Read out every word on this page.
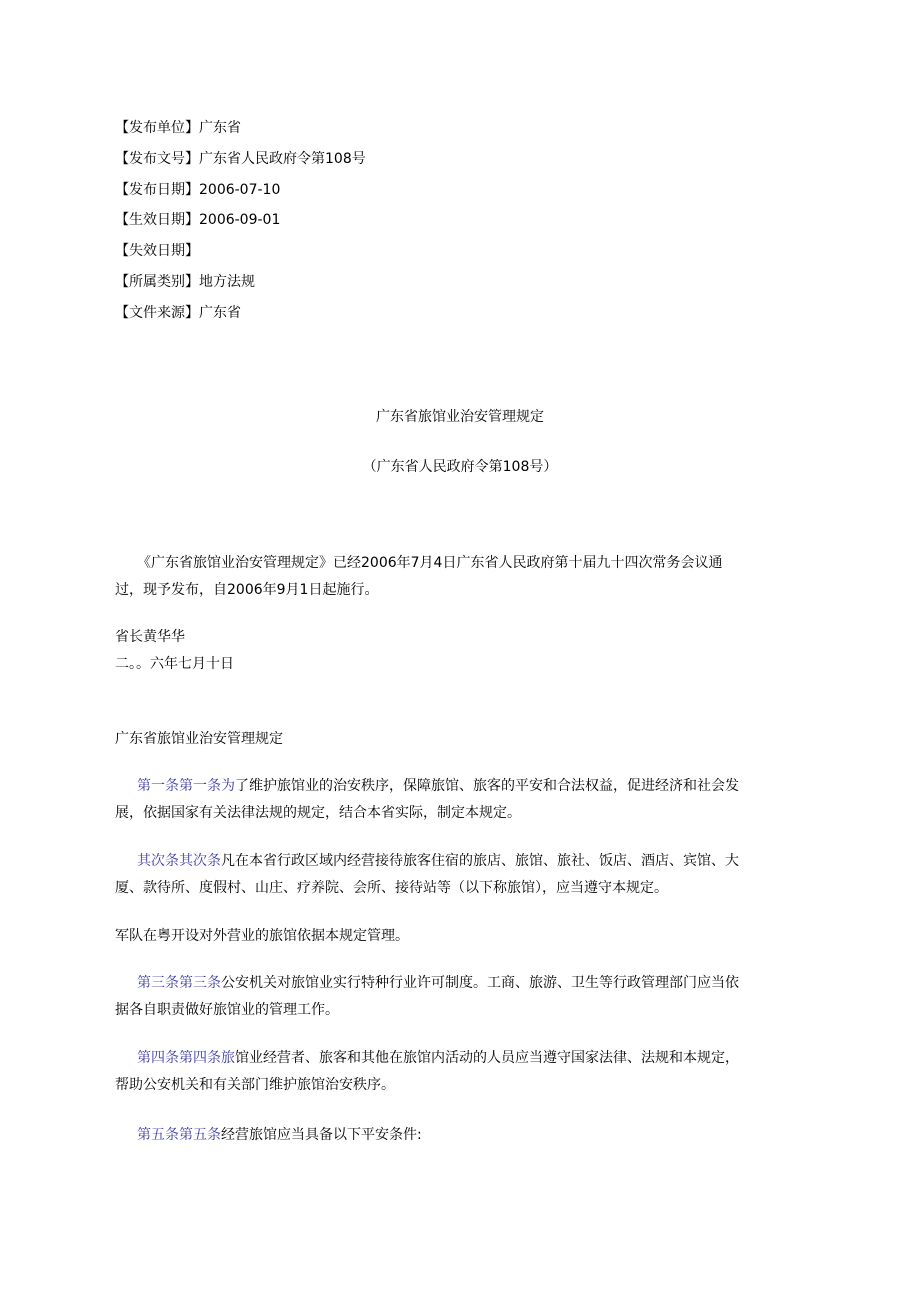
【发布单位】广东省
【发布文号】广东省人民政府令第108号
【发布日期】2006-07-10
【生效日期】2006-09-01
【失效日期】
【所属类别】地方法规
【文件来源】广东省
广东省旅馆业治安管理规定
（广东省人民政府令第108号）
《广东省旅馆业治安管理规定》已经2006年7月4日广东省人民政府第十届九十四次常务会议通
过，现予发布，自2006年9月1日起施行。
省长黄华华
二。。六年七月十日
广东省旅馆业治安管理规定
第一条第一条为了维护旅馆业的治安秩序，保障旅馆、旅客的平安和合法权益，促进经济和社会发
展，依据国家有关法律法规的规定，结合本省实际，制定本规定。
其次条其次条凡在本省行政区域内经营接待旅客住宿的旅店、旅馆、旅社、饭店、酒店、宾馆、大
厦、款待所、度假村、山庄、疗养院、会所、接待站等（以下称旅馆），应当遵守本规定。
军队在粤开设对外营业的旅馆依据本规定管理。
第三条第三条公安机关对旅馆业实行特种行业许可制度。工商、旅游、卫生等行政管理部门应当依
据各自职责做好旅馆业的管理工作。
第四条第四条旅馆业经营者、旅客和其他在旅馆内活动的人员应当遵守国家法律、法规和本规定，
帮助公安机关和有关部门维护旅馆治安秩序。
第五条第五条经营旅馆应当具备以下平安条件:
